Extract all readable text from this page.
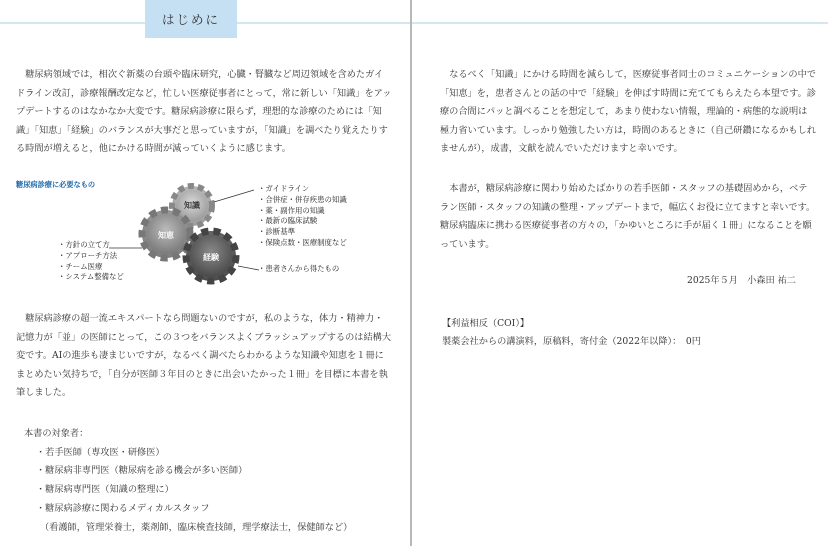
はじめに

糖尿病領域では，相次ぐ新薬の台頭や臨床研究，心臓・腎臓など周辺領域を含めたガイドライン改訂，診療報酬改定など，忙しい医療従事者にとって，常に新しい「知識」をアップデートするのはなかなか大変です。糖尿病診療に限らず，理想的な診療のためには「知識」「知恵」「経験」のバランスが大事だと思っていますが，「知識」を調べたり覚えたりする時間が増えると，他にかける時間が減っていくように感じます。

糖尿病診療に必要なもの
知識
知恵
経験
・ ガイドライン
・ 合併症・併存疾患の知識
・ 薬・副作用の知識
・ 最新の臨床試験
・ 診断基準
・ 保険点数・医療制度など
・ 方針の立て方
・ アプローチ方法
・ チーム医療
・ システム整備など
・ 患者さんから得たもの

糖尿病診療の超一流エキスパートなら問題ないのですが，私のような，体力・精神力・記憶力が「並」の医師にとって，この３つをバランスよくブラッシュアップするのは結構大変です。AIの進歩も凄まじいですが，なるべく調べたらわかるような知識や知恵を１冊にまとめたい気持ちで，「自分が医師３年目のときに出会いたかった１冊」を目標に本書を執筆しました。

本書の対象者：
・若手医師（専攻医・研修医）
・糖尿病非専門医（糖尿病を診る機会が多い医師）
・糖尿病専門医（知識の整理に）
・糖尿病診療に関わるメディカルスタッフ
（看護師，管理栄養士，薬剤師，臨床検査技師，理学療法士，保健師など）

なるべく「知識」にかける時間を減らして，医療従事者同士のコミュニケーションの中で「知恵」を，患者さんとの話の中で「経験」を伸ばす時間に充ててもらえたら本望です。診療の合間にパッと調べることを想定して，あまり使わない情報，理論的・病態的な説明は極力省いています。しっかり勉強したい方は，時間のあるときに（自己研鑽になるかもしれませんが），成書，文献を読んでいただけますと幸いです。

本書が，糖尿病診療に関わり始めたばかりの若手医師・スタッフの基礎固めから，ベテラン医師・スタッフの知識の整理・アップデートまで，幅広くお役に立てますと幸いです。糖尿病臨床に携わる医療従事者の方々の，「かゆいところに手が届く１冊」になることを願っています。

2025年５月　小森田 祐二
【利益相反（COI）】
製薬会社からの講演料，原稿料，寄付金（2022年以降）：　0円
